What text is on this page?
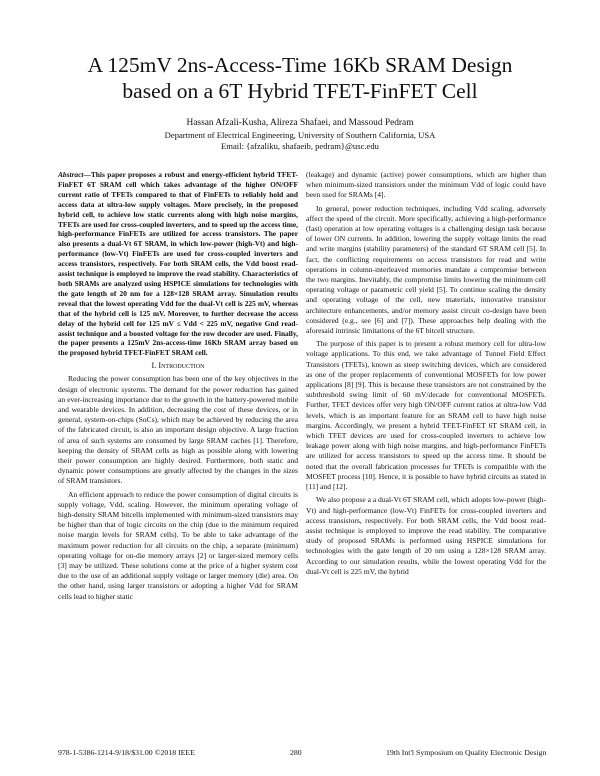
A 125mV 2ns-Access-Time 16Kb SRAM Design
based on a 6T Hybrid TFET-FinFET Cell
Hassan Afzali-Kusha, Alireza Shafaei, and Massoud Pedram
Department of Electrical Engineering, University of Southern California, USA
Email: {afzaliku, shafaeib, pedram}@usc.edu

Abstract—This paper proposes a robust and energy-efficient hybrid TFET-FinFET 6T SRAM cell which takes advantage of the higher ON/OFF current ratio of TFETs compared to that of FinFETs to reliably hold and access data at ultra-low supply voltages. More precisely, in the proposed hybrid cell, to achieve low static currents along with high noise margins, TFETs are used for cross-coupled inverters, and to speed up the access time, high-performance FinFETs are utilized for access transistors. The paper also presents a dual-Vt 6T SRAM, in which low-power (high-Vt) and high-performance (low-Vt) FinFETs are used for cross-coupled inverters and access transistors, respectively. For both SRAM cells, the Vdd boost read-assist technique is employed to improve the read stability. Characteristics of both SRAMs are analyzed using HSPICE simulations for technologies with the gate length of 20 nm for a 128×128 SRAM array. Simulation results reveal that the lowest operating Vdd for the dual-Vt cell is 225 mV, whereas that of the hybrid cell is 125 mV. Moreover, to further decrease the access delay of the hybrid cell for 125 mV ≤ Vdd < 225 mV, negative Gnd read-assist technique and a boosted voltage for the row decoder are used. Finally, the paper presents a 125mV 2ns-access-time 16Kb SRAM array based on the proposed hybrid TFET-FinFET SRAM cell.

I. Introduction

Reducing the power consumption has been one of the key objectives in the design of electronic systems. The demand for the power reduction has gained an ever-increasing importance due to the growth in the battery-powered mobile and wearable devices. In addition, decreasing the cost of these devices, or in general, system-on-chips (SoCs), which may be achieved by reducing the area of the fabricated circuit, is also an important design objective. A large fraction of area of such systems are consumed by large SRAM caches [1]. Therefore, keeping the density of SRAM cells as high as possible along with lowering their power consumption are highly desired. Furthermore, both static and dynamic power consumptions are greatly affected by the changes in the sizes of SRAM transistors.

An efficient approach to reduce the power consumption of digital circuits is supply voltage, Vdd, scaling. However, the minimum operating voltage of high-density SRAM bitcells implemented with minimum-sized transistors may be higher than that of logic circuits on the chip (due to the minimum required noise margin levels for SRAM cells). To be able to take advantage of the maximum power reduction for all circuits on the chip, a separate (minimum) operating voltage for on-die memory arrays [2] or larger-sized memory cells [3] may be utilized. These solutions come at the price of a higher system cost due to the use of an additional supply voltage or larger memory (die) area. On the other hand, using larger transistors or adopting a higher Vdd for SRAM cells lead to higher static

(leakage) and dynamic (active) power consumptions, which are higher than when minimum-sized transistors under the minimum Vdd of logic could have been used for SRAMs [4].

In general, power reduction techniques, including Vdd scaling, adversely affect the speed of the circuit. More specifically, achieving a high-performance (fast) operation at low operating voltages is a challenging design task because of lower ON currents. In addition, lowering the supply voltage limits the read and write margins (stability parameters) of the standard 6T SRAM cell [5]. In fact, the conflicting requirements on access transistors for read and write operations in column-interleaved memories mandate a compromise between the two margins. Inevitably, the compromise limits lowering the minimum cell operating voltage or parametric cell yield [5]. To continue scaling the density and operating voltage of the cell, new materials, innovative transistor architecture enhancements, and/or memory assist circuit co-design have been considered (e.g., see [6] and [7]). These approaches help dealing with the aforesaid intrinsic limitations of the 6T bitcell structure.

The purpose of this paper is to present a robust memory cell for ultra-low voltage applications. To this end, we take advantage of Tunnel Field Effect Transistors (TFETs), known as steep switching devices, which are considered as one of the proper replacements of conventional MOSFETs for low power applications [8] [9]. This is because these transistors are not constrained by the subthreshold swing limit of 60 mV/decade for conventional MOSFETs. Further, TFET devices offer very high ON/OFF current ratios at ultra-low Vdd levels, which is an important feature for an SRAM cell to have high noise margins. Accordingly, we present a hybrid TFET-FinFET 6T SRAM cell, in which TFET devices are used for cross-coupled inverters to achieve low leakage power along with high noise margins, and high-performance FinFETs are utilized for access transistors to speed up the access time. It should be noted that the overall fabrication processes for TFETs is compatible with the MOSFET process [10]. Hence, it is possible to have hybrid circuits as stated in [11] and [12].

We also propose a a dual-Vt 6T SRAM cell, which adopts low-power (high-Vt) and high-performance (low-Vt) FinFETs for cross-coupled inverters and access transistors, respectively. For both SRAM cells, the Vdd boost read-assist technique is employed to improve the read stability. The comparative study of proposed SRAMs is performed using HSPICE simulations for technologies with the gate length of 20 nm using a 128×128 SRAM array. According to our simulation results, while the lowest operating Vdd for the dual-Vt cell is 225 mV, the hybrid

978-1-5386-1214-9/18/$31.00 ©2018 IEEE	280	19th Int'l Symposium on Quality Electronic Design
